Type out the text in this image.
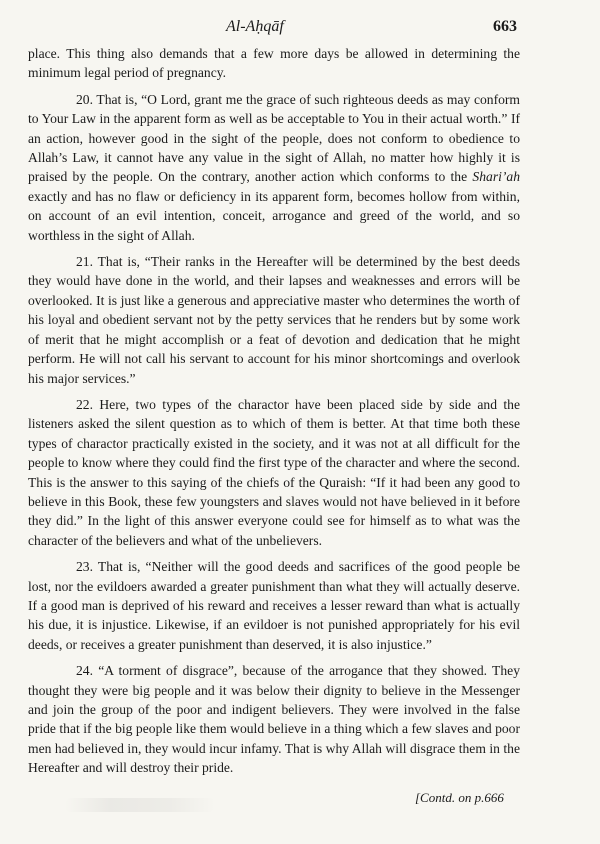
Al-Aḥqāf	663

place. This thing also demands that a few more days be allowed in determining the minimum legal period of pregnancy.

20. That is, “O Lord, grant me the grace of such righteous deeds as may conform to Your Law in the apparent form as well as be acceptable to You in their actual worth.” If an action, however good in the sight of the people, does not conform to obedience to Allah’s Law, it cannot have any value in the sight of Allah, no matter how highly it is praised by the people. On the contrary, another action which conforms to the Shari’ah exactly and has no flaw or deficiency in its apparent form, becomes hollow from within, on account of an evil intention, conceit, arrogance and greed of the world, and so worthless in the sight of Allah.

21. That is, “Their ranks in the Hereafter will be determined by the best deeds they would have done in the world, and their lapses and weaknesses and errors will be overlooked. It is just like a generous and appreciative master who determines the worth of his loyal and obedient servant not by the petty services that he renders but by some work of merit that he might accomplish or a feat of devotion and dedication that he might perform. He will not call his servant to account for his minor shortcomings and overlook his major services.”

22. Here, two types of the charactor have been placed side by side and the listeners asked the silent question as to which of them is better. At that time both these types of charactor practically existed in the society, and it was not at all difficult for the people to know where they could find the first type of the character and where the second. This is the answer to this saying of the chiefs of the Quraish: “If it had been any good to believe in this Book, these few youngsters and slaves would not have believed in it before they did.” In the light of this answer everyone could see for himself as to what was the character of the believers and what of the unbelievers.

23. That is, “Neither will the good deeds and sacrifices of the good people be lost, nor the evildoers awarded a greater punishment than what they will actually deserve. If a good man is deprived of his reward and receives a lesser reward than what is actually his due, it is injustice. Likewise, if an evildoer is not punished appropriately for his evil deeds, or receives a greater punishment than deserved, it is also injustice.”

24. “A torment of disgrace”, because of the arrogance that they showed. They thought they were big people and it was below their dignity to believe in the Messenger and join the group of the poor and indigent believers. They were involved in the false pride that if the big people like them would believe in a thing which a few slaves and poor men had believed in, they would incur infamy. That is why Allah will disgrace them in the Hereafter and will destroy their pride.

[Contd. on p.666
